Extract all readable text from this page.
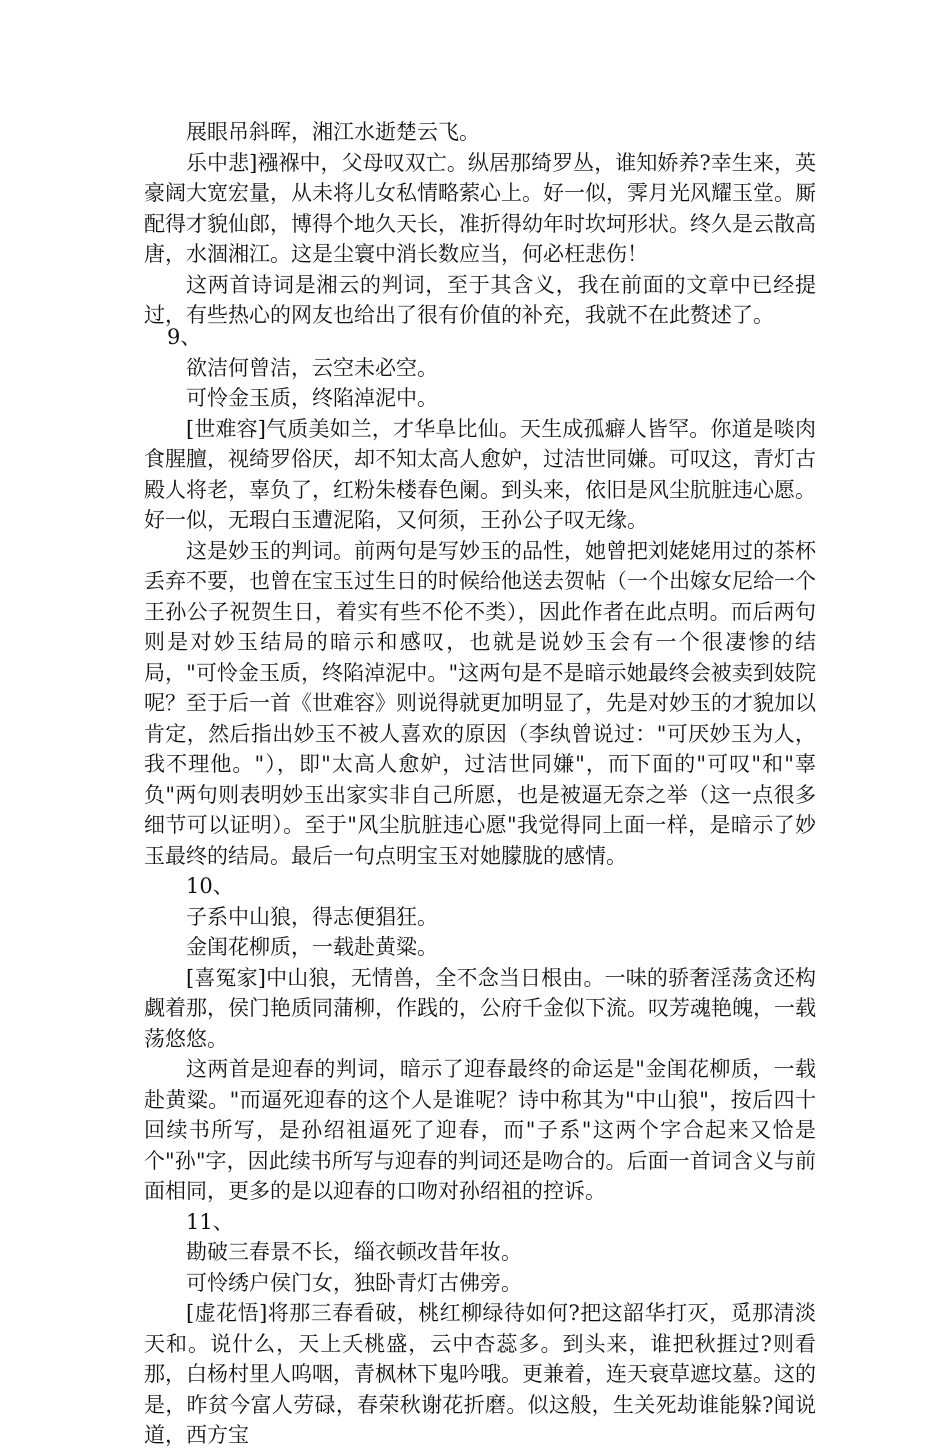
展眼吊斜晖，湘江水逝楚云飞。

乐中悲]襁褓中，父母叹双亡。纵居那绮罗丛，谁知娇养?幸生来，英豪阔大宽宏量，从未将儿女私情略萦心上。好一似，霁月光风耀玉堂。厮配得才貌仙郎，博得个地久天长，准折得幼年时坎坷形状。终久是云散高唐，水涸湘江。这是尘寰中消长数应当，何必枉悲伤！

这两首诗词是湘云的判词，至于其含义，我在前面的文章中已经提过，有些热心的网友也给出了很有价值的补充，我就不在此赘述了。

9、

欲洁何曾洁，云空未必空。

可怜金玉质，终陷淖泥中。

[世难容]气质美如兰，才华阜比仙。天生成孤癖人皆罕。你道是啖肉食腥膻，视绮罗俗厌，却不知太高人愈妒，过洁世同嫌。可叹这，青灯古殿人将老，辜负了，红粉朱楼春色阑。到头来，依旧是风尘肮脏违心愿。好一似，无瑕白玉遭泥陷，又何须，王孙公子叹无缘。

这是妙玉的判词。前两句是写妙玉的品性，她曾把刘姥姥用过的茶杯丢弃不要，也曾在宝玉过生日的时候给他送去贺帖（一个出嫁女尼给一个王孙公子祝贺生日，着实有些不伦不类），因此作者在此点明。而后两句则是对妙玉结局的暗示和感叹，也就是说妙玉会有一个很凄惨的结局，"可怜金玉质，终陷淖泥中。"这两句是不是暗示她最终会被卖到妓院呢？至于后一首《世难容》则说得就更加明显了，先是对妙玉的才貌加以肯定，然后指出妙玉不被人喜欢的原因（李纨曾说过："可厌妙玉为人，我不理他。"），即"太高人愈妒，过洁世同嫌"，而下面的"可叹"和"辜负"两句则表明妙玉出家实非自己所愿，也是被逼无奈之举（这一点很多细节可以证明）。至于"风尘肮脏违心愿"我觉得同上面一样，是暗示了妙玉最终的结局。最后一句点明宝玉对她朦胧的感情。

10、

子系中山狼，得志便猖狂。

金闺花柳质，一载赴黄粱。

[喜冤家]中山狼，无情兽，全不念当日根由。一味的骄奢淫荡贪还构觑着那，侯门艳质同蒲柳，作践的，公府千金似下流。叹芳魂艳魄，一载荡悠悠。

这两首是迎春的判词，暗示了迎春最终的命运是"金闺花柳质，一载赴黄粱。"而逼死迎春的这个人是谁呢？诗中称其为"中山狼"，按后四十回续书所写，是孙绍祖逼死了迎春，而"子系"这两个字合起来又恰是个"孙"字，因此续书所写与迎春的判词还是吻合的。后面一首词含义与前面相同，更多的是以迎春的口吻对孙绍祖的控诉。

11、

勘破三春景不长，缁衣顿改昔年妆。

可怜绣户侯门女，独卧青灯古佛旁。

[虚花悟]将那三春看破，桃红柳绿待如何?把这韶华打灭，觅那清淡天和。说什么，天上夭桃盛，云中杏蕊多。到头来，谁把秋捱过?则看那，白杨村里人呜咽，青枫林下鬼吟哦。更兼着，连天衰草遮坟墓。这的是，昨贫今富人劳碌，春荣秋谢花折磨。似这般，生关死劫谁能躲?闻说道，西方宝
